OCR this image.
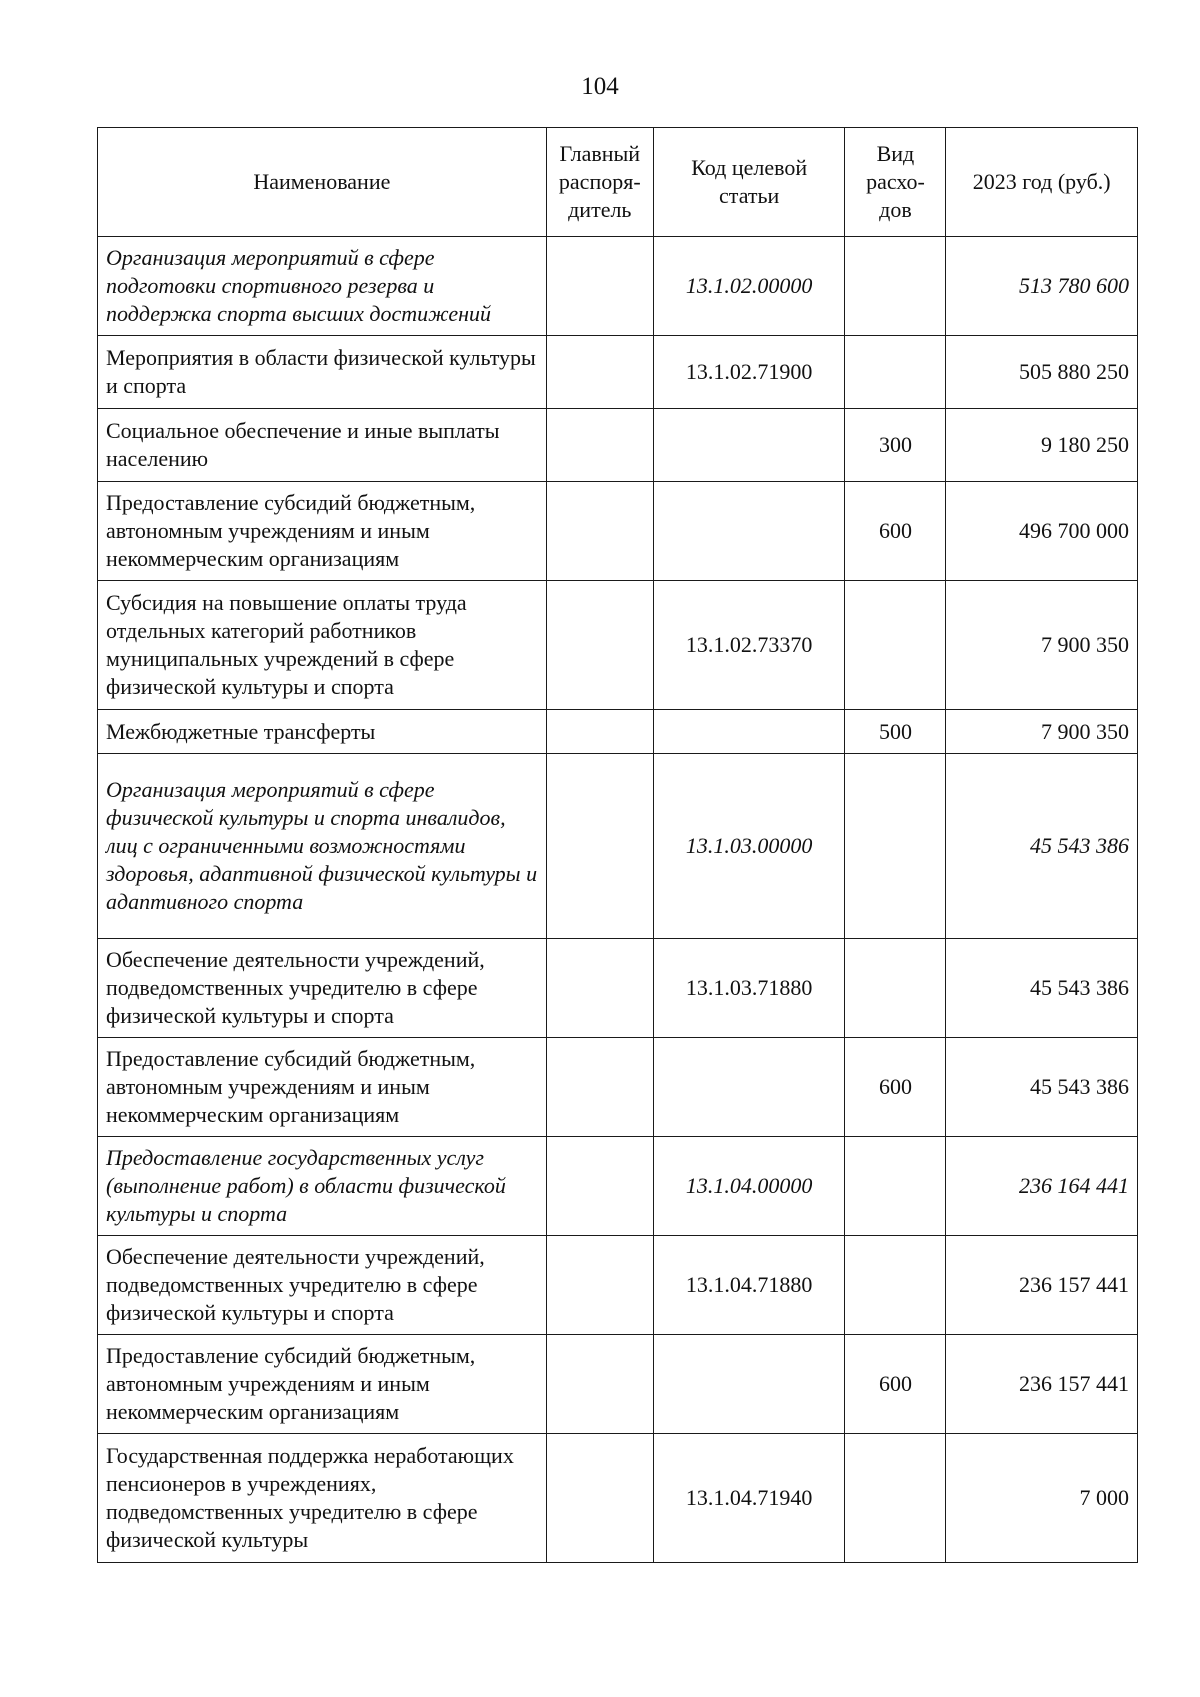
104
Наименование	Главный распоря-дитель	Код целевой статьи	Вид расхо-дов	2023 год (руб.)
Организация мероприятий в сфере подготовки спортивного резерва и поддержка спорта высших достижений		13.1.02.00000		513 780 600
Мероприятия в области физической культуры и спорта		13.1.02.71900		505 880 250
Социальное обеспечение и иные выплаты населению			300	9 180 250
Предоставление субсидий бюджетным, автономным учреждениям и иным некоммерческим организациям			600	496 700 000
Субсидия на повышение оплаты труда отдельных категорий работников муниципальных учреждений в сфере физической культуры и спорта		13.1.02.73370		7 900 350
Межбюджетные трансферты			500	7 900 350
Организация мероприятий в сфере физической культуры и спорта инвалидов, лиц с ограниченными возможностями здоровья, адаптивной физической культуры и адаптивного спорта		13.1.03.00000		45 543 386
Обеспечение деятельности учреждений, подведомственных учредителю в сфере физической культуры и спорта		13.1.03.71880		45 543 386
Предоставление субсидий бюджетным, автономным учреждениям и иным некоммерческим организациям			600	45 543 386
Предоставление государственных услуг (выполнение работ) в области физической культуры и спорта		13.1.04.00000		236 164 441
Обеспечение деятельности учреждений, подведомственных учредителю в сфере физической культуры и спорта		13.1.04.71880		236 157 441
Предоставление субсидий бюджетным, автономным учреждениям и иным некоммерческим организациям			600	236 157 441
Государственная поддержка неработающих пенсионеров в учреждениях, подведомственных учредителю в сфере физической культуры		13.1.04.71940		7 000
